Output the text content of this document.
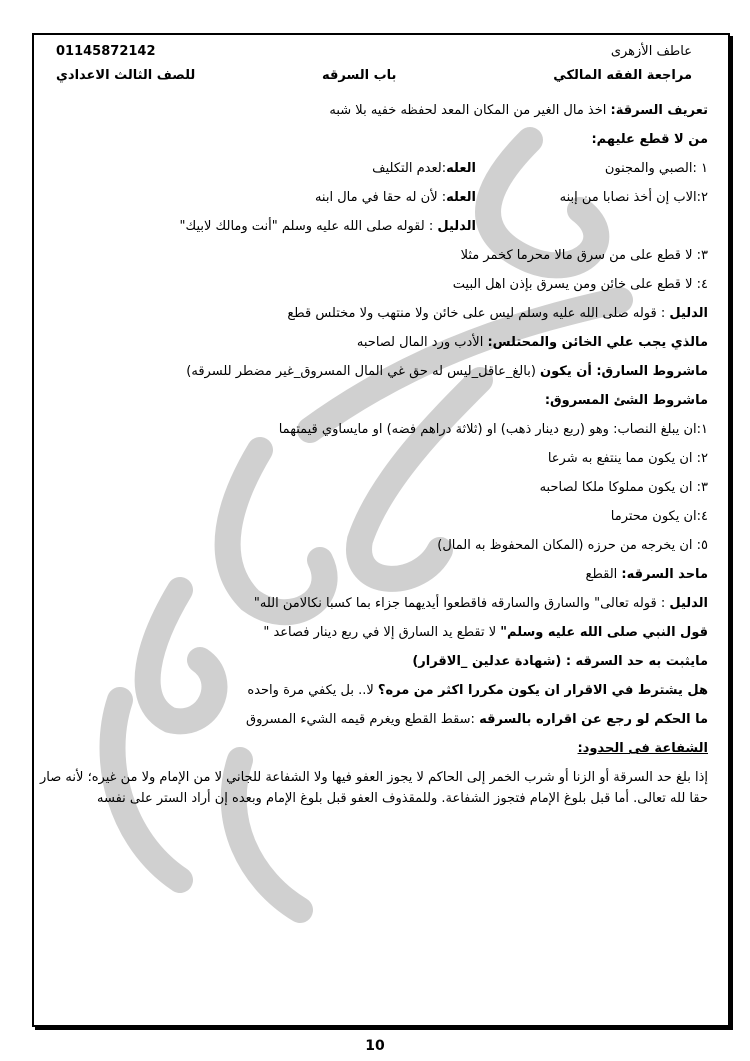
عاطف الأزهرى
01145872142
مراجعة الفقه المالكي
باب السرقه
للصف الثالث الاعدادي
تعريف السرقة: اخذ مال الغير من المكان المعد لحفظه خفيه بلا شبه
من لا قطع عليهم:
١ :الصبي والمجنون
العله:لعدم التكليف
٢:الاب إن أخذ نصابا من إبنه
العله: لأن له حقا في مال ابنه
الدليل : لقوله صلى الله عليه وسلم "أنت ومالك لابيك"
٣: لا قطع على من سرق مالا محرما كخمر مثلا
٤: لا قطع على خائن ومن يسرق بإذن اهل البيت
الدليل : قوله صلى الله عليه وسلم ليس على خائن ولا منتهب ولا مختلس قطع
مالذي يجب علي الخائن والمحتلس: الأدب ورد المال لصاحبه
ماشروط السارق: أن يكون (بالغ_عاقل_ليس له حق غي المال المسروق_غير مضطر للسرقه)
ماشروط الشئ المسروق:
١:ان يبلغ النصاب: وهو (ربع دينار ذهب) او (ثلاثة دراهم فضه) او مايساوي قيمتهما
٢: ان يكون مما ينتفع به شرعا
٣: ان يكون مملوكا ملكا لصاحبه
٤:ان يكون محترما
٥: ان يخرجه من حرزه (المكان المحفوظ به المال)
ماحد السرقه: القطع
الدليل : قوله تعالى" والسارق والسارقه فاقطعوا أيديهما جزاء بما كسبا نكالامن الله"
قول النبي صلى الله عليه وسلم" لا تقطع يد السارق إلا في ربع دينار فصاعد "
مايثبت به حد السرقه : (شهادة عدلين _الاقرار)
هل يشترط في الاقرار ان يكون مكررا اكثر من مره؟ لا.. بل يكفي مرة واحده
ما الحكم لو رجع عن اقراره بالسرقه :سقط القطع ويغرم قيمه الشيء المسروق
الشفاعة فى الحدود:
إذا بلغ حد السرقة أو الزنا أو شرب الخمر إلى الحاكم لا يجوز العفو فيها ولا الشفاعة للجاني لا من الإمام ولا من غيره؛ لأنه صار حقا لله تعالى. أما قبل بلوغ الإمام فتجوز الشفاعة. وللمقذوف العفو قبل بلوغ الإمام وبعده إن أراد الستر على نفسه
10
